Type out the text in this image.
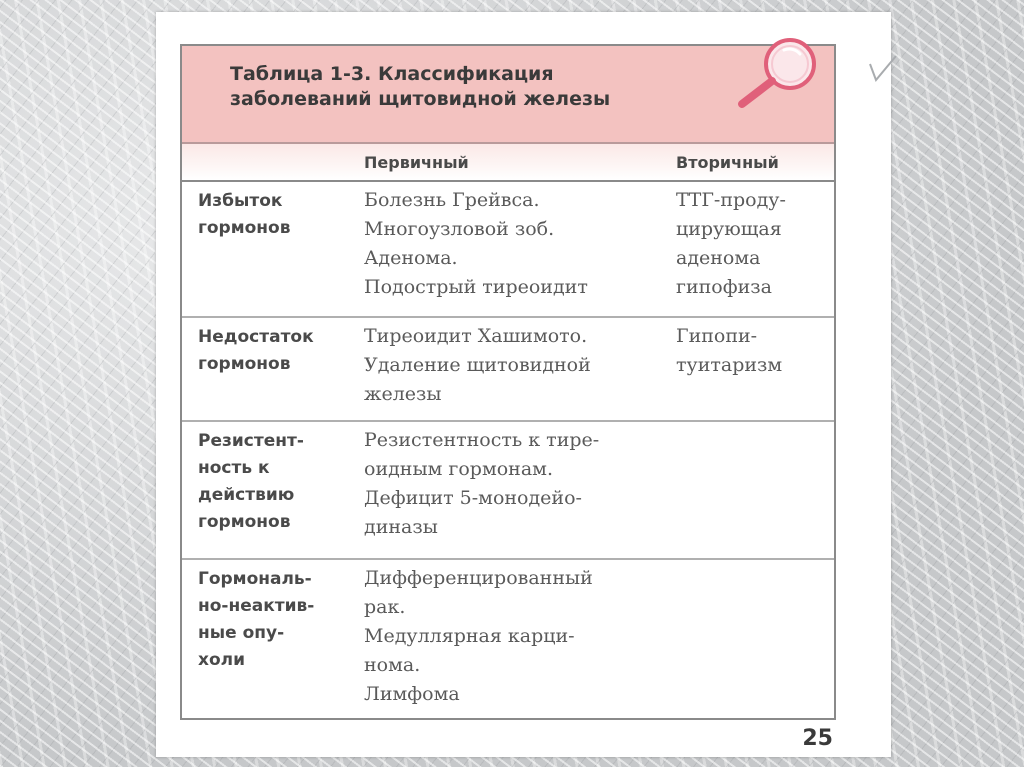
Таблица 1-3. Классификация
заболеваний щитовидной железы
Первичный	Вторичный
Избыток
гормонов
Болезнь Грейвса.
Многоузловой зоб.
Аденома.
Подострый тиреоидит
ТТГ-проду-
цирующая
аденома
гипофиза
Недостаток
гормонов
Тиреоидит Хашимото.
Удаление щитовидной
железы
Гипопи-
туитаризм
Резистент-
ность к
действию
гормонов
Резистентность к тире-
оидным гормонам.
Дефицит 5-монодейо-
диназы
Гормональ-
но-неактив-
ные опу-
холи
Дифференцированный
рак.
Медуллярная карци-
нома.
Лимфома
25
